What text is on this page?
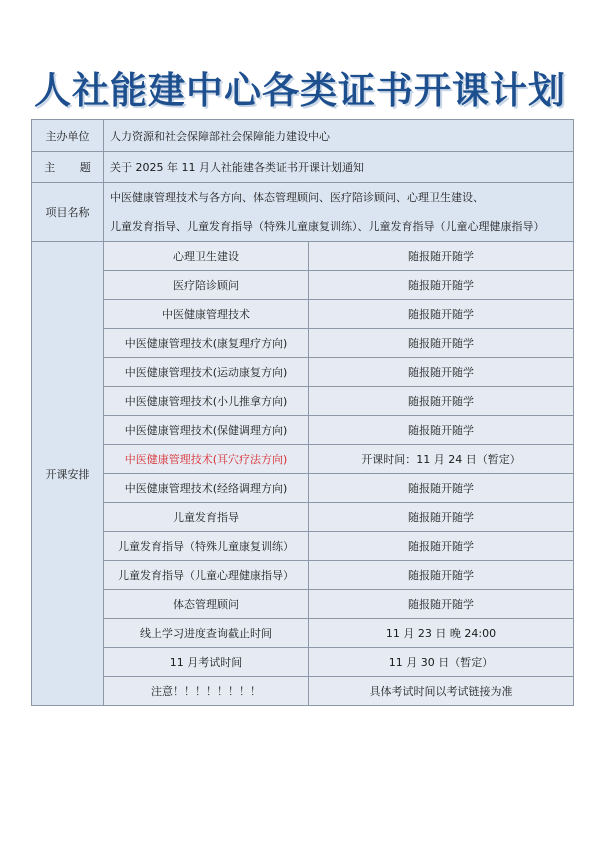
人社能建中心各类证书开课计划
主办单位	人力资源和社会保障部社会保障能力建设中心	
主       题	关于 2025 年 11 月人社能建各类证书开课计划通知	
项目名称	中医健康管理技术与各方向、体态管理顾问、医疗陪诊顾问、心理卫生建设、
儿童发育指导、儿童发育指导（特殊儿童康复训练）、儿童发育指导（儿童心理健康指导）	

开课安排	心理卫生建设	随报随开随学
	医疗陪诊顾问	随报随开随学
	中医健康管理技术	随报随开随学
	中医健康管理技术(康复理疗方向)	随报随开随学
	中医健康管理技术(运动康复方向)	随报随开随学
	中医健康管理技术(小儿推拿方向)	随报随开随学
	中医健康管理技术(保健调理方向)	随报随开随学
	中医健康管理技术(耳穴疗法方向)	开课时间：11 月 24 日（暂定）
	中医健康管理技术(经络调理方向)	随报随开随学
	儿童发育指导	随报随开随学
	儿童发育指导（特殊儿童康复训练）	随报随开随学
	儿童发育指导（儿童心理健康指导）	随报随开随学
	体态管理顾问	随报随开随学
	线上学习进度查询截止时间	11 月 23 日 晚 24:00
	11 月考试时间	11 月 30 日（暂定）
	注意！！！！！！！！	具体考试时间以考试链接为准
